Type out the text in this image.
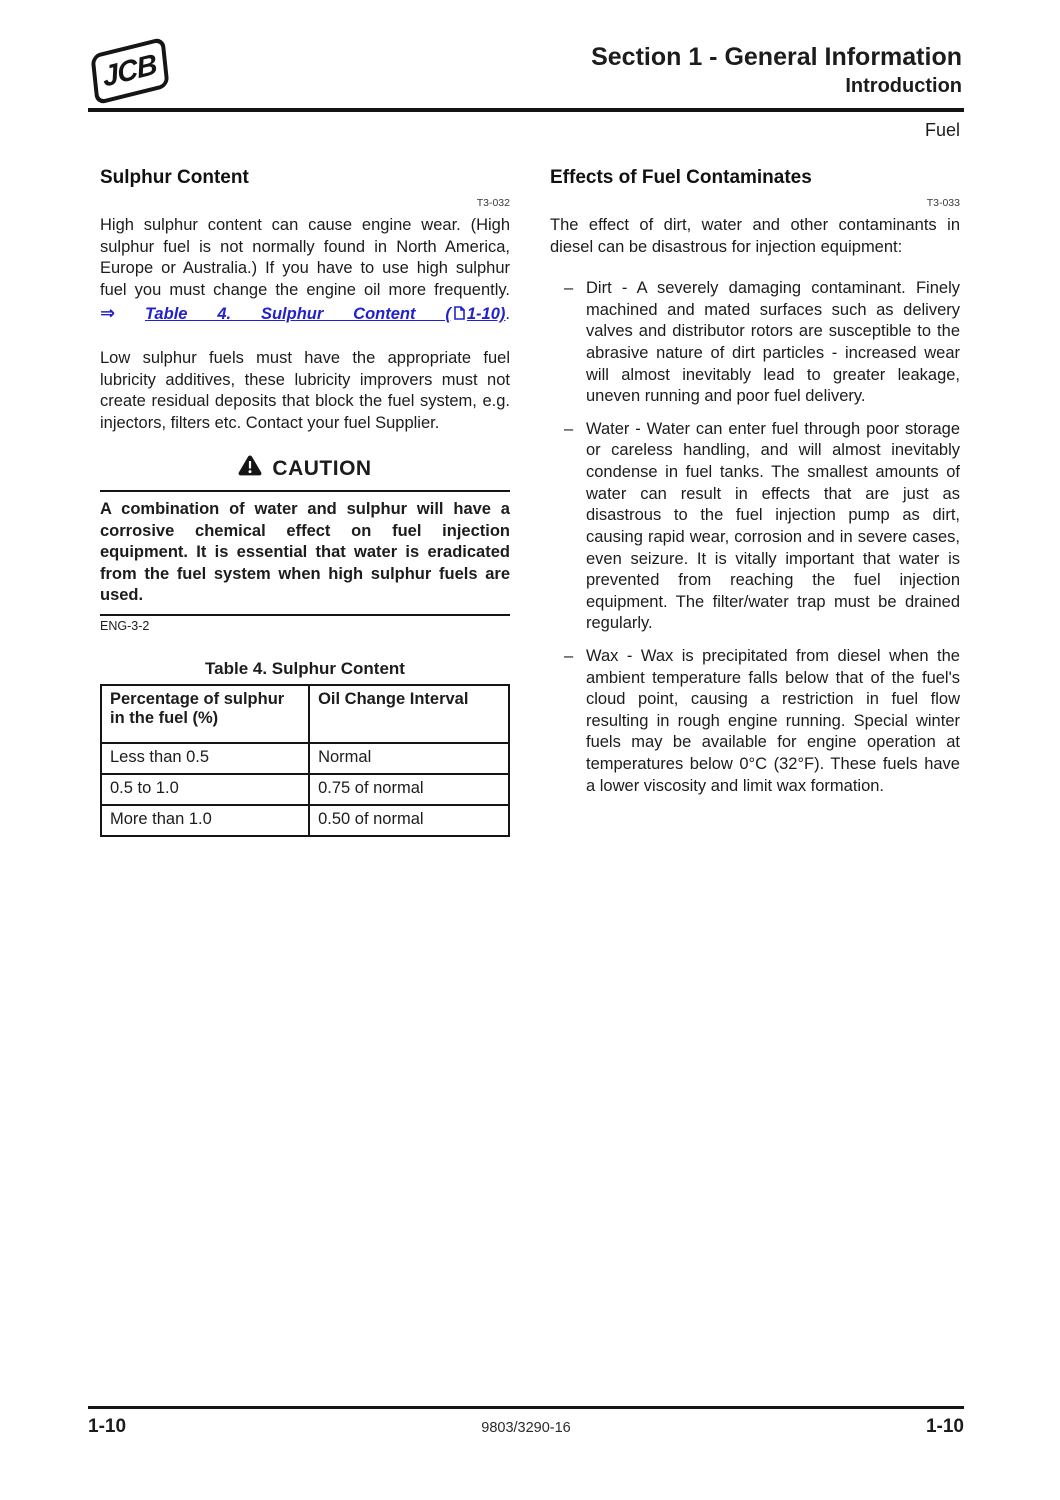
JCB	Section 1 - General Information
Introduction
Fuel
Sulphur Content
T3-032
High sulphur content can cause engine wear. (High sulphur fuel is not normally found in North America, Europe or Australia.) If you have to use high sulphur fuel you must change the engine oil more frequently.
⇒ Table 4. Sulphur Content ( 1-10).
Low sulphur fuels must have the appropriate fuel lubricity additives, these lubricity improvers must not create residual deposits that block the fuel system, e.g. injectors, filters etc. Contact your fuel Supplier.
CAUTION
A combination of water and sulphur will have a corrosive chemical effect on fuel injection equipment. It is essential that water is eradicated from the fuel system when high sulphur fuels are used.
ENG-3-2
Table 4. Sulphur Content
Percentage of sulphur in the fuel (%)	Oil Change Interval
Less than 0.5	Normal
0.5 to 1.0	0.75 of normal
More than 1.0	0.50 of normal
Effects of Fuel Contaminates
T3-033
The effect of dirt, water and other contaminants in diesel can be disastrous for injection equipment:
– Dirt - A severely damaging contaminant. Finely machined and mated surfaces such as delivery valves and distributor rotors are susceptible to the abrasive nature of dirt particles - increased wear will almost inevitably lead to greater leakage, uneven running and poor fuel delivery.
– Water - Water can enter fuel through poor storage or careless handling, and will almost inevitably condense in fuel tanks. The smallest amounts of water can result in effects that are just as disastrous to the fuel injection pump as dirt, causing rapid wear, corrosion and in severe cases, even seizure. It is vitally important that water is prevented from reaching the fuel injection equipment. The filter/water trap must be drained regularly.
– Wax - Wax is precipitated from diesel when the ambient temperature falls below that of the fuel's cloud point, causing a restriction in fuel flow resulting in rough engine running. Special winter fuels may be available for engine operation at temperatures below 0°C (32°F). These fuels have a lower viscosity and limit wax formation.
1-10	9803/3290-16	1-10
